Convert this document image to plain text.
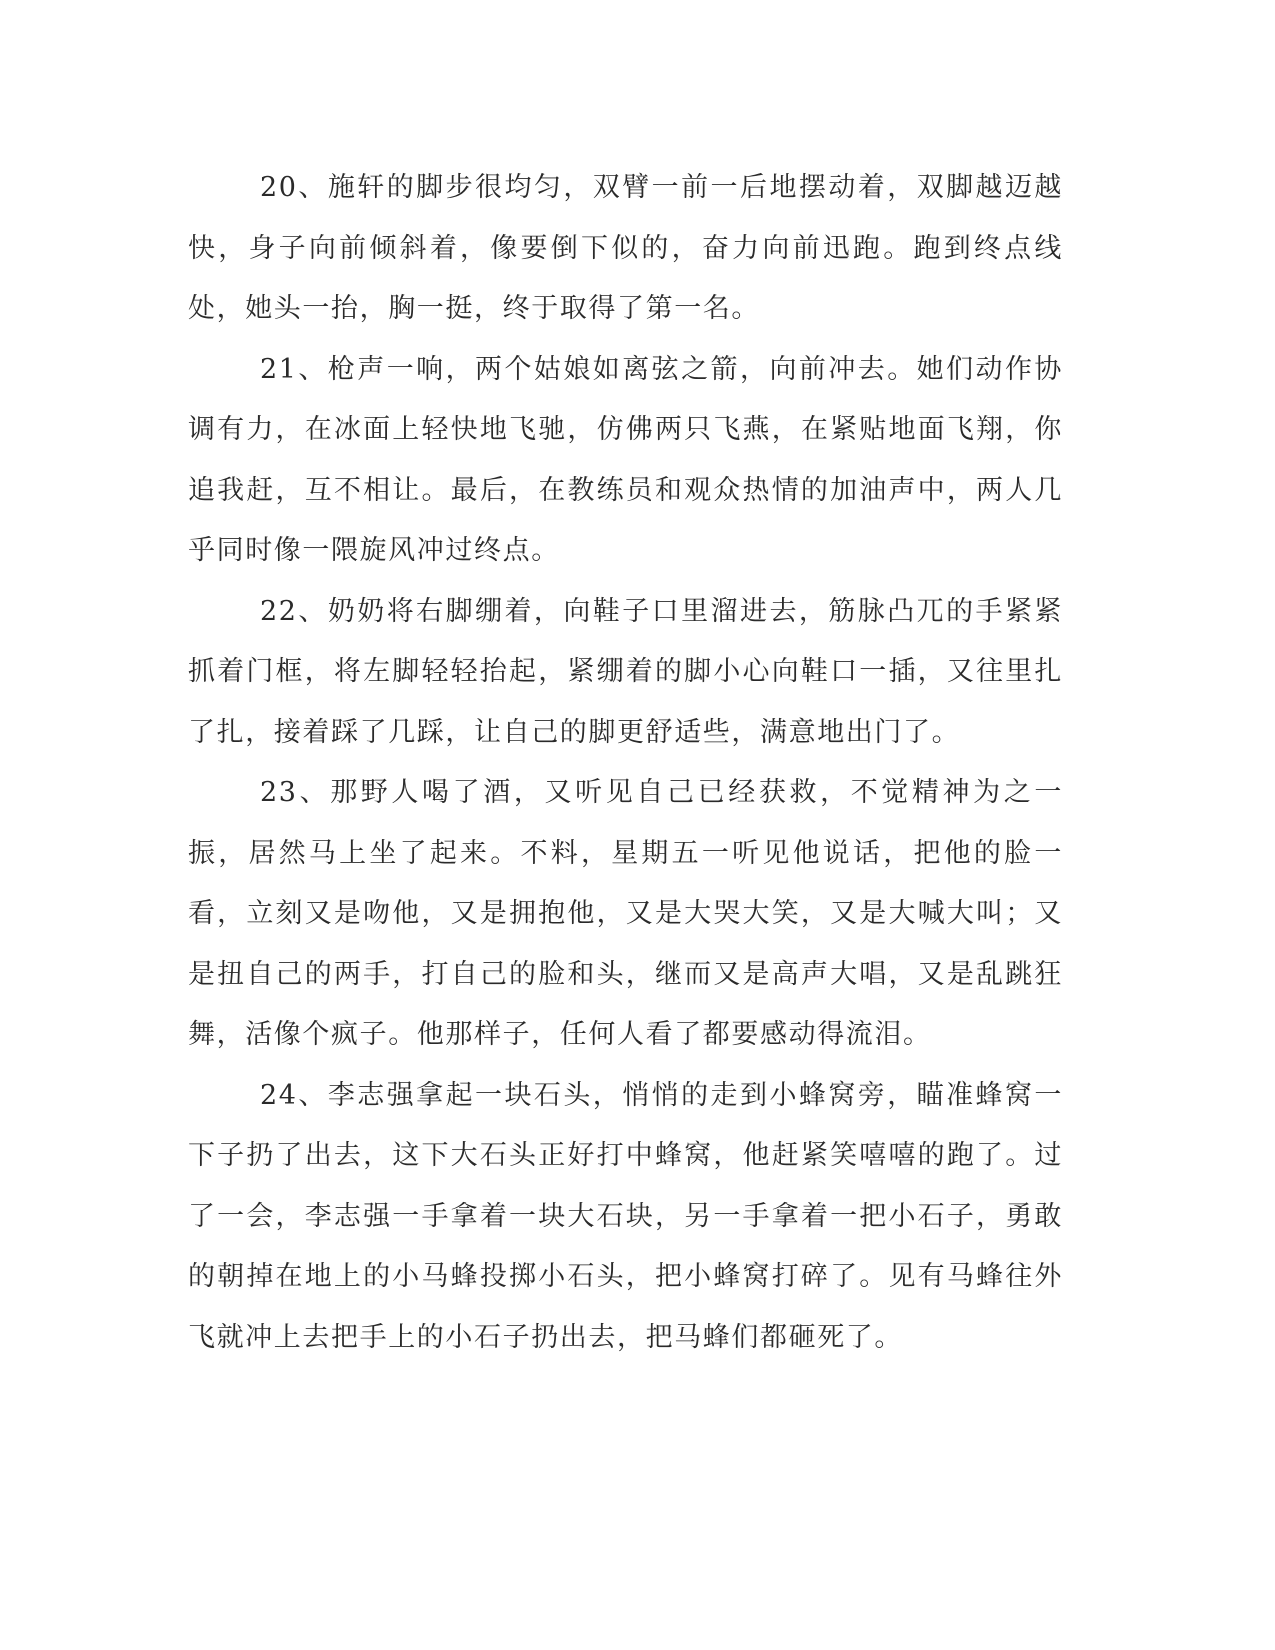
20、施轩的脚步很均匀，双臂一前一后地摆动着，双脚越迈越快，身子向前倾斜着，像要倒下似的，奋力向前迅跑。跑到终点线处，她头一抬，胸一挺，终于取得了第一名。

21、枪声一响，两个姑娘如离弦之箭，向前冲去。她们动作协调有力，在冰面上轻快地飞驰，仿佛两只飞燕，在紧贴地面飞翔，你追我赶，互不相让。最后，在教练员和观众热情的加油声中，两人几乎同时像一隈旋风冲过终点。

22、奶奶将右脚绷着，向鞋子口里溜进去，筋脉凸兀的手紧紧抓着门框，将左脚轻轻抬起，紧绷着的脚小心向鞋口一插，又往里扎了扎，接着踩了几踩，让自己的脚更舒适些，满意地出门了。

23、那野人喝了酒，又听见自己已经获救，不觉精神为之一振，居然马上坐了起来。不料，星期五一听见他说话，把他的脸一看，立刻又是吻他，又是拥抱他，又是大哭大笑，又是大喊大叫；又是扭自己的两手，打自己的脸和头，继而又是高声大唱，又是乱跳狂舞，活像个疯子。他那样子，任何人看了都要感动得流泪。

24、李志强拿起一块石头，悄悄的走到小蜂窝旁，瞄准蜂窝一下子扔了出去，这下大石头正好打中蜂窝，他赶紧笑嘻嘻的跑了。过了一会，李志强一手拿着一块大石块，另一手拿着一把小石子，勇敢的朝掉在地上的小马蜂投掷小石头，把小蜂窝打碎了。见有马蜂往外飞就冲上去把手上的小石子扔出去，把马蜂们都砸死了。
